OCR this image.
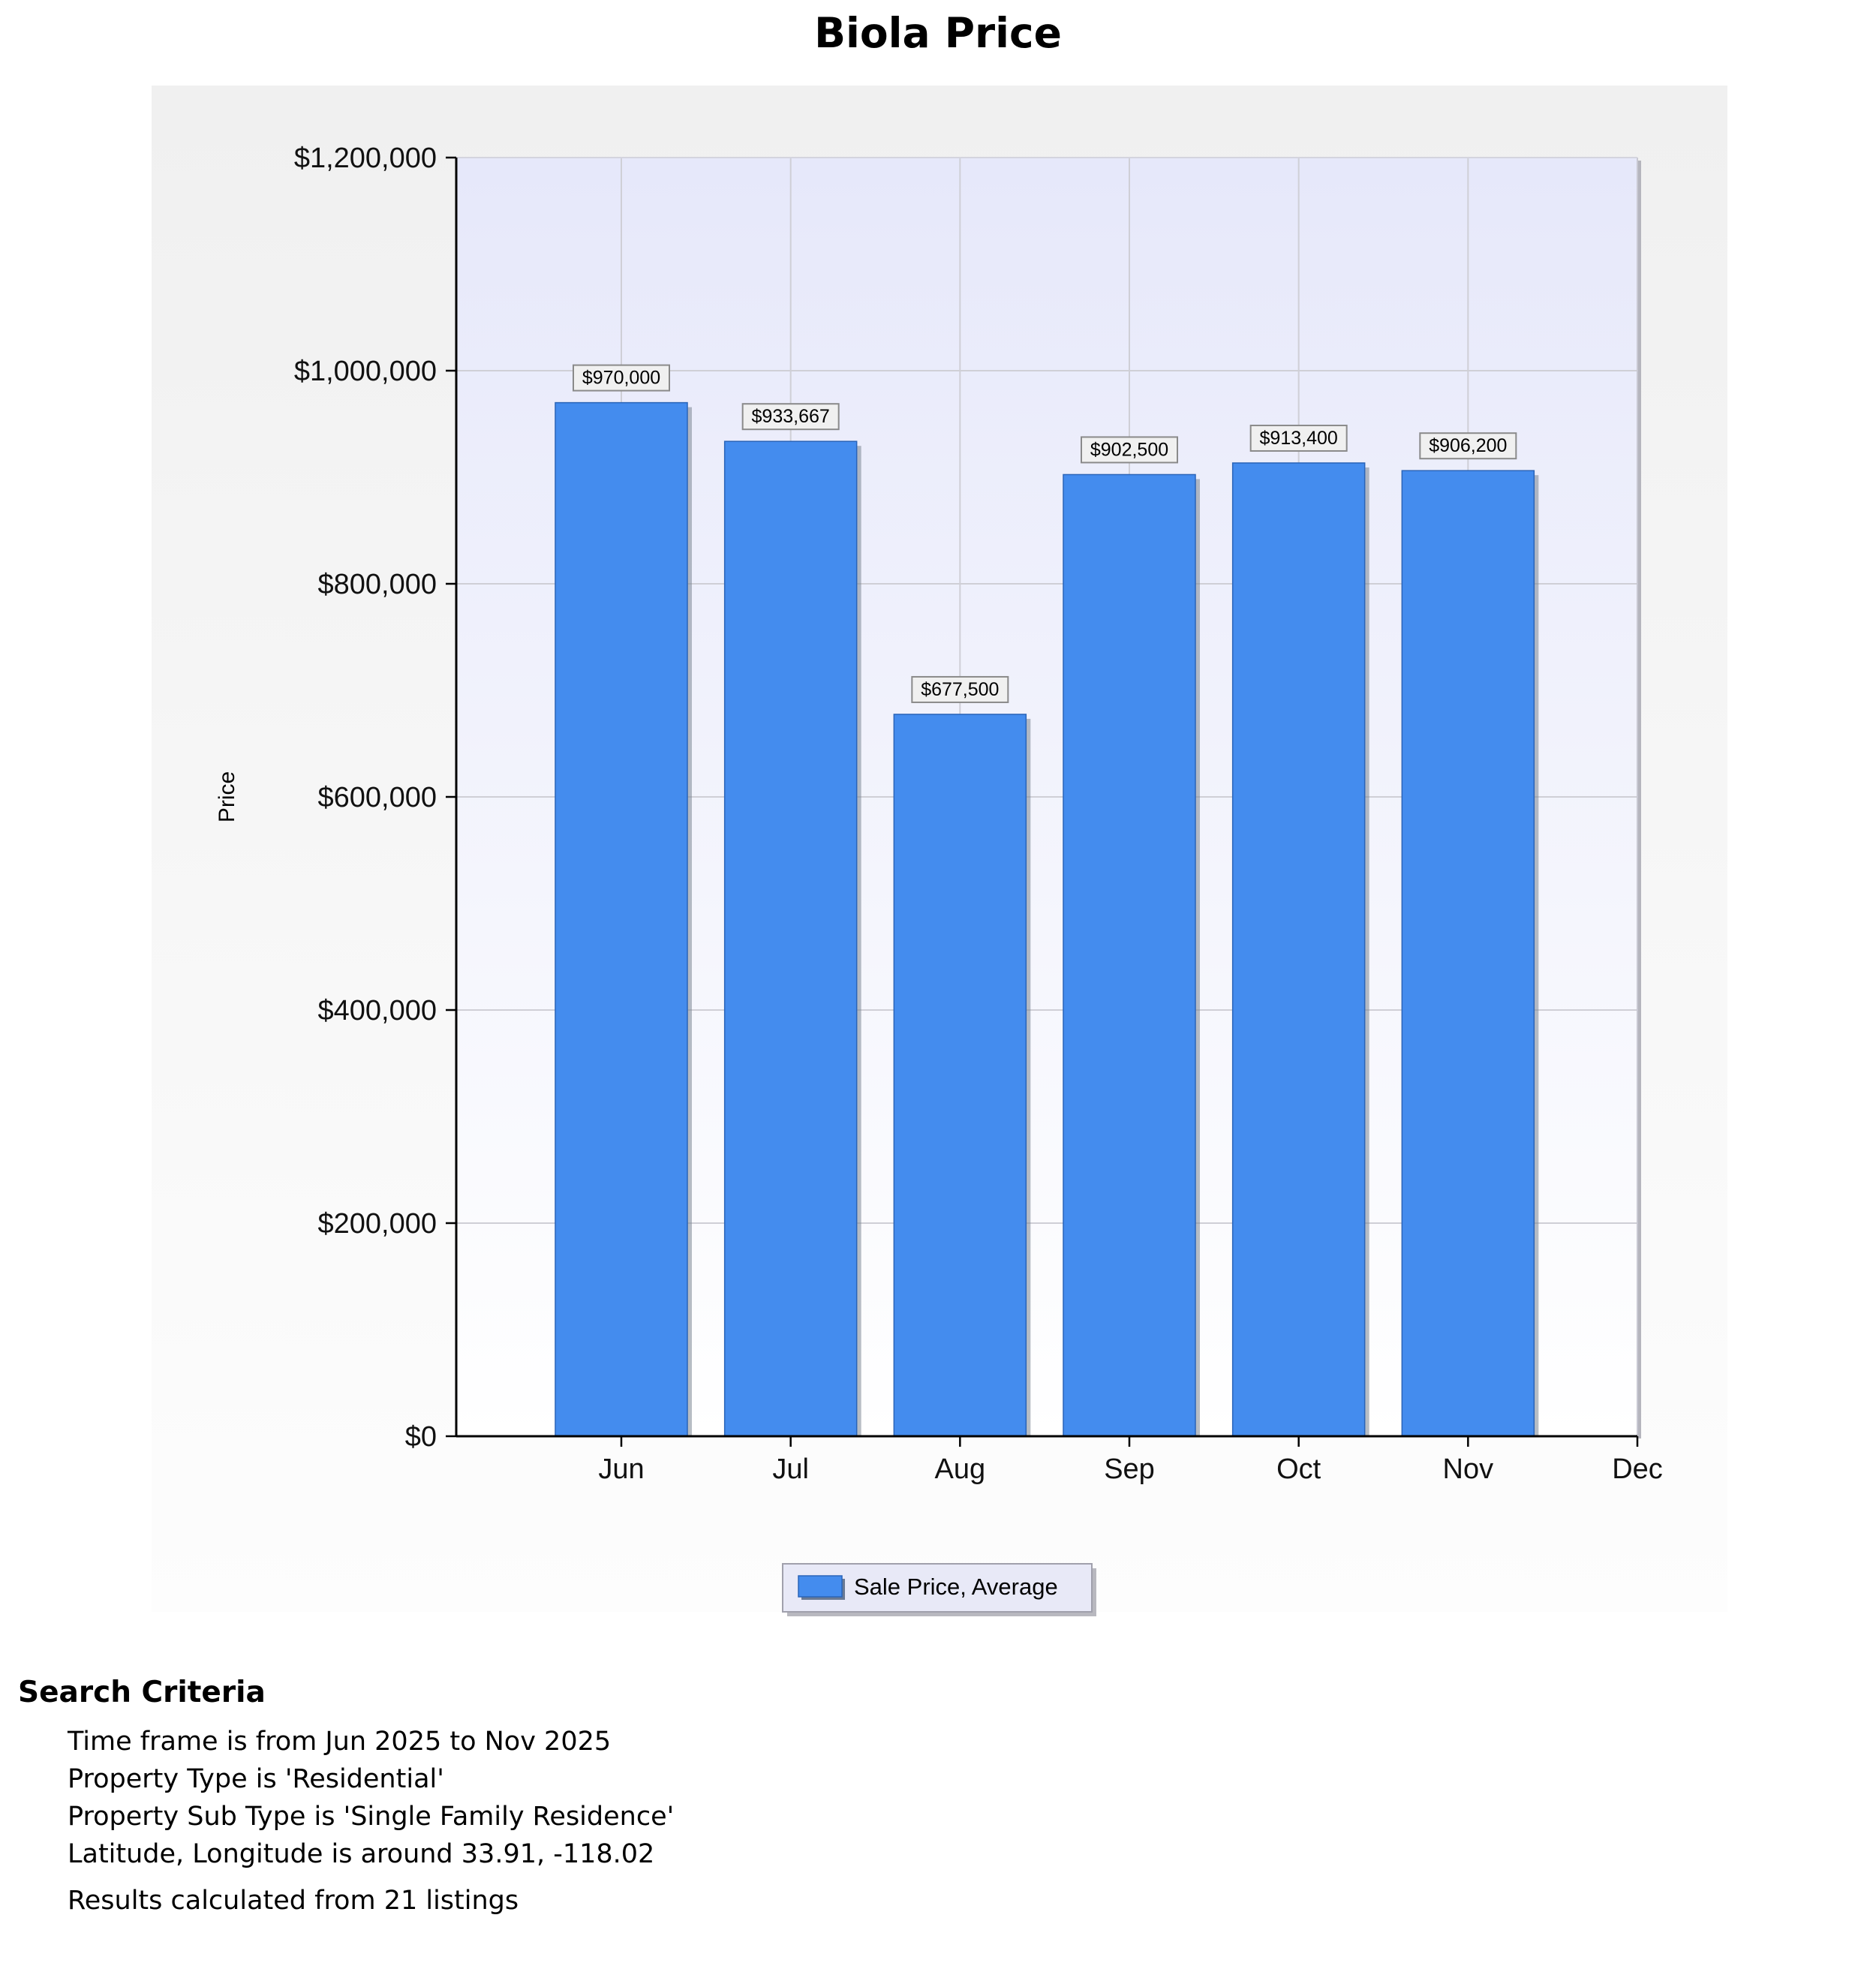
Biola Price
$0
$200,000
$400,000
$600,000
$800,000
$1,000,000
$1,200,000
Jun	Jul	Aug	Sep	Oct	Nov	Dec
$970,000
$933,667
$677,500
$902,500
$913,400	$906,200
Price
Sale Price, Average
Search Criteria
Time frame is from Jun 2025 to Nov 2025
Property Type is 'Residential'
Property Sub Type is 'Single Family Residence'
Latitude, Longitude is around 33.91, -118.02

Results calculated from 21 listings
